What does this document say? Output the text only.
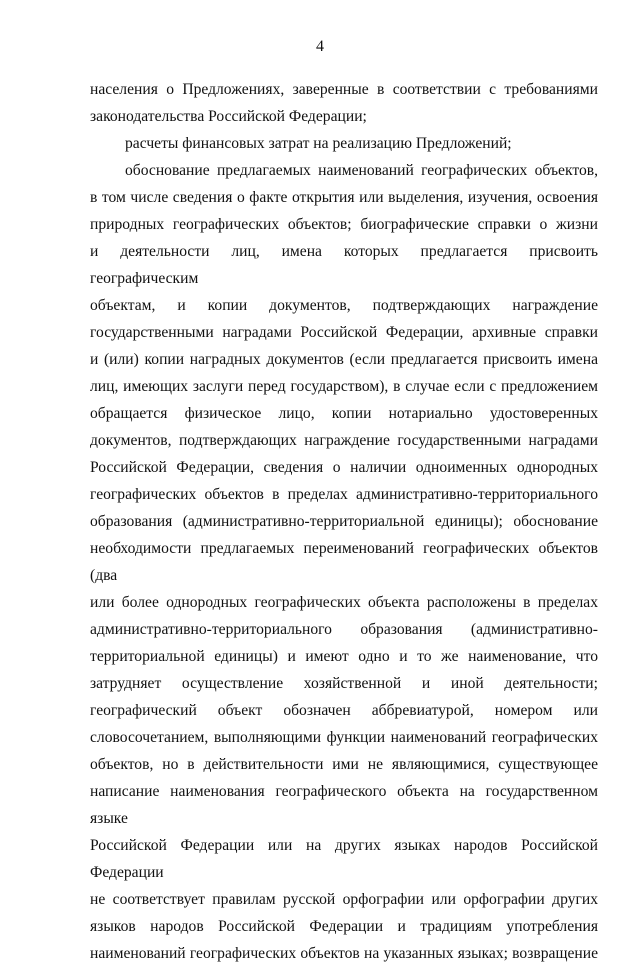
4

населения о Предложениях, заверенные в соответствии с требованиями

законодательства Российской Федерации;

расчеты финансовых затрат на реализацию Предложений;

обоснование предлагаемых наименований географических объектов,

в том числе сведения о факте открытия или выделения, изучения, освоения

природных географических объектов; биографические справки о жизни

и деятельности лиц, имена которых предлагается присвоить географическим

объектам, и копии документов, подтверждающих награждение

государственными наградами Российской Федерации, архивные справки

и (или) копии наградных документов (если предлагается присвоить имена

лиц, имеющих заслуги перед государством), в случае если с предложением

обращается физическое лицо, копии нотариально удостоверенных

документов, подтверждающих награждение государственными наградами

Российской Федерации, сведения о наличии одноименных однородных

географических объектов в пределах административно-территориального

образования (административно-территориальной единицы); обоснование

необходимости предлагаемых переименований географических объектов (два

или более однородных географических объекта расположены в пределах

административно-территориального образования (административно-

территориальной единицы) и имеют одно и то же наименование, что

затрудняет осуществление хозяйственной и иной деятельности;

географический объект обозначен аббревиатурой, номером или

словосочетанием, выполняющими функции наименований географических

объектов, но в действительности ими не являющимися, существующее

написание наименования географического объекта на государственном языке

Российской Федерации или на других языках народов Российской Федерации

не соответствует правилам русской орфографии или орфографии других

языков народов Российской Федерации и традициям употребления

наименований географических объектов на указанных языках; возвращение
